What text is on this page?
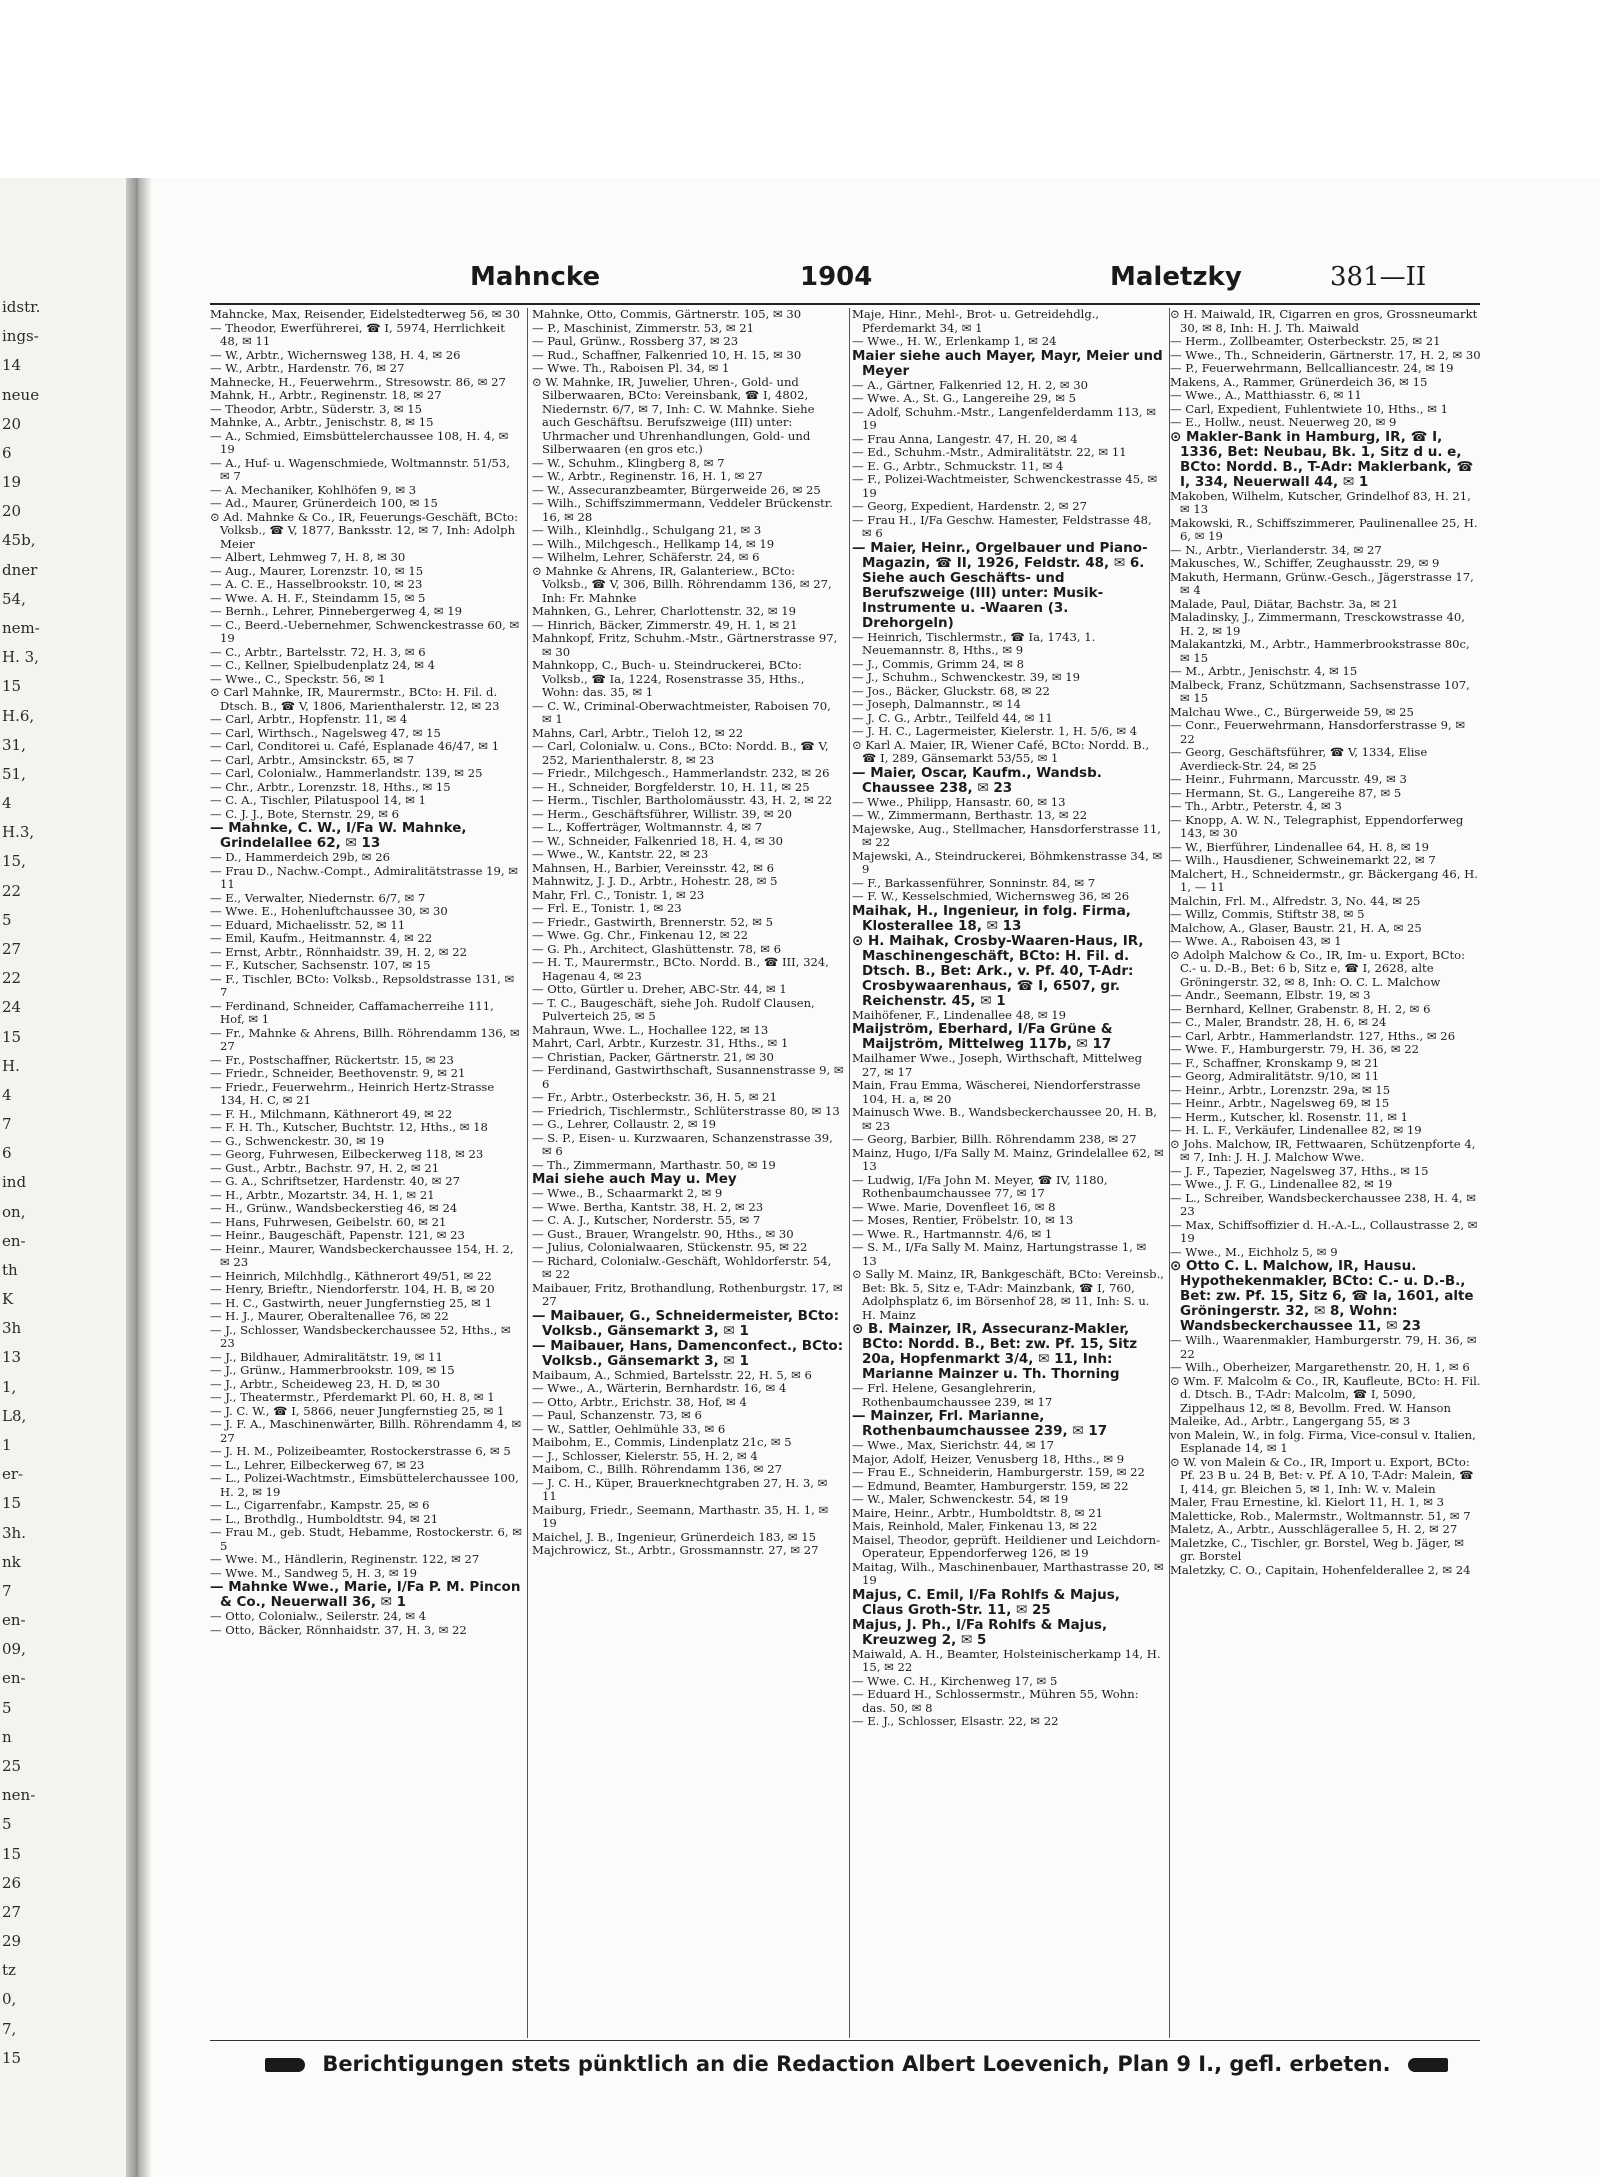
idstr.
ings-
14
neue
20
6
19
20
45b,
dner
54,
nem-
H. 3,
15
H.6,
31,
51,
4
H.3,
15,
22
5
27
22
24
15
H.
4
7
6
ind
on,
en-
th
K
3h
13
1,
L8,
1
er-
15
3h.
nk
7
en-
09,
en-
5
n
25
nen-
5
15
26
27
29
tz
0,
7,
15
Mahncke	1904	Maletzky	381—II

Mahncke, Max, Reisender, Eidelstedterweg 56, ✉ 30

— Theodor, Ewerführerei, ☎ I, 5974, Herrlichkeit 48, ✉ 11

— W., Arbtr., Wichernsweg 138, H. 4, ✉ 26

— W., Arbtr., Hardenstr. 76, ✉ 27

Mahnecke, H., Feuerwehrm., Stresowstr. 86, ✉ 27

Mahnk, H., Arbtr., Reginenstr. 18, ✉ 27

— Theodor, Arbtr., Süderstr. 3, ✉ 15

Mahnke, A., Arbtr., Jenischstr. 8, ✉ 15

— A., Schmied, Eimsbüttelerchaussee 108, H. 4, ✉ 19

— A., Huf- u. Wagenschmiede, Woltmannstr. 51/53, ✉ 7

— A. Mechaniker, Kohlhöfen 9, ✉ 3

— Ad., Maurer, Grünerdeich 100, ✉ 15

⊙ Ad. Mahnke & Co., IR, Feuerungs-Geschäft, BCto: Volksb., ☎ V, 1877, Banksstr. 12, ✉ 7, Inh: Adolph Meier

— Albert, Lehmweg 7, H. 8, ✉ 30

— Aug., Maurer, Lorenzstr. 10, ✉ 15

— A. C. E., Hasselbrookstr. 10, ✉ 23

— Wwe. A. H. F., Steindamm 15, ✉ 5

— Bernh., Lehrer, Pinnebergerweg 4, ✉ 19

— C., Beerd.-Uebernehmer, Schwenckestrasse 60, ✉ 19

— C., Arbtr., Bartelsstr. 72, H. 3, ✉ 6

— C., Kellner, Spielbudenplatz 24, ✉ 4

— Wwe., C., Speckstr. 56, ✉ 1

⊙ Carl Mahnke, IR, Maurermstr., BCto: H. Fil. d. Dtsch. B., ☎ V, 1806, Marienthalerstr. 12, ✉ 23

— Carl, Arbtr., Hopfenstr. 11, ✉ 4

— Carl, Wirthsch., Nagelsweg 47, ✉ 15

— Carl, Conditorei u. Café, Esplanade 46/47, ✉ 1

— Carl, Arbtr., Amsinckstr. 65, ✉ 7

— Carl, Colonialw., Hammerlandstr. 139, ✉ 25

— Chr., Arbtr., Lorenzstr. 18, Hths., ✉ 15

— C. A., Tischler, Pilatuspool 14, ✉ 1

— C. J. J., Bote, Sternstr. 29, ✉ 6

— Mahnke, C. W., I/Fa W. Mahnke, Grindelallee 62, ✉ 13

— D., Hammerdeich 29b, ✉ 26

— Frau D., Nachw.-Compt., Admiralitätstrasse 19, ✉ 11

— E., Verwalter, Niedernstr. 6/7, ✉ 7

— Wwe. E., Hohenluftchaussee 30, ✉ 30

— Eduard, Michaelisstr. 52, ✉ 11

— Emil, Kaufm., Heitmannstr. 4, ✉ 22

— Ernst, Arbtr., Rönnhaidstr. 39, H. 2, ✉ 22

— F., Kutscher, Sachsenstr. 107, ✉ 15

— F., Tischler, BCto: Volksb., Repsoldstrasse 131, ✉ 7

— Ferdinand, Schneider, Caffamacherreihe 111, Hof, ✉ 1

— Fr., Mahnke & Ahrens, Billh. Röhrendamm 136, ✉ 27

— Fr., Postschaffner, Rückertstr. 15, ✉ 23

— Friedr., Schneider, Beethovenstr. 9, ✉ 21

— Friedr., Feuerwehrm., Heinrich Hertz-Strasse 134, H. C, ✉ 21

— F. H., Milchmann, Käthnerort 49, ✉ 22

— F. H. Th., Kutscher, Buchtstr. 12, Hths., ✉ 18

— G., Schwenckestr. 30, ✉ 19

— Georg, Fuhrwesen, Eilbeckerweg 118, ✉ 23

— Gust., Arbtr., Bachstr. 97, H. 2, ✉ 21

— G. A., Schriftsetzer, Hardenstr. 40, ✉ 27

— H., Arbtr., Mozartstr. 34, H. 1, ✉ 21

— H., Grünw., Wandsbeckerstieg 46, ✉ 24

— Hans, Fuhrwesen, Geibelstr. 60, ✉ 21

— Heinr., Baugeschäft, Papenstr. 121, ✉ 23

— Heinr., Maurer, Wandsbeckerchaussee 154, H. 2, ✉ 23

— Heinrich, Milchhdlg., Käthnerort 49/51, ✉ 22

— Henry, Brieftr., Niendorferstr. 104, H. B, ✉ 20

— H. C., Gastwirth, neuer Jungfernstieg 25, ✉ 1

— H. J., Maurer, Oberaltenallee 76, ✉ 22

— J., Schlosser, Wandsbeckerchaussee 52, Hths., ✉ 23

— J., Bildhauer, Admiralitätstr. 19, ✉ 11

— J., Grünw., Hammerbrookstr. 109, ✉ 15

— J., Arbtr., Scheideweg 23, H. D, ✉ 30

— J., Theatermstr., Pferdemarkt Pl. 60, H. 8, ✉ 1

— J. C. W., ☎ I, 5866, neuer Jungfernstieg 25, ✉ 1

— J. F. A., Maschinenwärter, Billh. Röhrendamm 4, ✉ 27

— J. H. M., Polizeibeamter, Rostockerstrasse 6, ✉ 5

— L., Lehrer, Eilbeckerweg 67, ✉ 23

— L., Polizei-Wachtmstr., Eimsbüttelerchaussee 100, H. 2, ✉ 19

— L., Cigarrenfabr., Kampstr. 25, ✉ 6

— L., Brothdlg., Humboldtstr. 94, ✉ 21

— Frau M., geb. Studt, Hebamme, Rostockerstr. 6, ✉ 5

— Wwe. M., Händlerin, Reginenstr. 122, ✉ 27

— Wwe. M., Sandweg 5, H. 3, ✉ 19

— Mahnke Wwe., Marie, I/Fa P. M. Pincon & Co., Neuerwall 36, ✉ 1

— Otto, Colonialw., Seilerstr. 24, ✉ 4

— Otto, Bäcker, Rönnhaidstr. 37, H. 3, ✉ 22

Mahnke, Otto, Commis, Gärtnerstr. 105, ✉ 30

— P., Maschinist, Zimmerstr. 53, ✉ 21

— Paul, Grünw., Rossberg 37, ✉ 23

— Rud., Schaffner, Falkenried 10, H. 15, ✉ 30

— Wwe. Th., Raboisen Pl. 34, ✉ 1

⊙ W. Mahnke, IR, Juwelier, Uhren-, Gold- und Silberwaaren, BCto: Vereinsbank, ☎ I, 4802, Niedernstr. 6/7, ✉ 7, Inh: C. W. Mahnke. Siehe auch Geschäftsu. Berufszweige (III) unter: Uhrmacher und Uhrenhandlungen, Gold- und Silberwaaren (en gros etc.)

— W., Schuhm., Klingberg 8, ✉ 7

— W., Arbtr., Reginenstr. 16, H. 1, ✉ 27

— W., Assecuranzbeamter, Bürgerweide 26, ✉ 25

— Wilh., Schiffszimmermann, Veddeler Brückenstr. 16, ✉ 28

— Wilh., Kleinhdlg., Schulgang 21, ✉ 3

— Wilh., Milchgesch., Hellkamp 14, ✉ 19

— Wilhelm, Lehrer, Schäferstr. 24, ✉ 6

⊙ Mahnke & Ahrens, IR, Galanteriew., BCto: Volksb., ☎ V, 306, Billh. Röhrendamm 136, ✉ 27, Inh: Fr. Mahnke

Mahnken, G., Lehrer, Charlottenstr. 32, ✉ 19

— Hinrich, Bäcker, Zimmerstr. 49, H. 1, ✉ 21

Mahnkopf, Fritz, Schuhm.-Mstr., Gärtnerstrasse 97, ✉ 30

Mahnkopp, C., Buch- u. Steindruckerei, BCto: Volksb., ☎ Ia, 1224, Rosenstrasse 35, Hths., Wohn: das. 35, ✉ 1

— C. W., Criminal-Oberwachtmeister, Raboisen 70, ✉ 1

Mahns, Carl, Arbtr., Tieloh 12, ✉ 22

— Carl, Colonialw. u. Cons., BCto: Nordd. B., ☎ V, 252, Marienthalerstr. 8, ✉ 23

— Friedr., Milchgesch., Hammerlandstr. 232, ✉ 26

— H., Schneider, Borgfelderstr. 10, H. 11, ✉ 25

— Herm., Tischler, Bartholomäusstr. 43, H. 2, ✉ 22

— Herm., Geschäftsführer, Willistr. 39, ✉ 20

— L., Kofferträger, Woltmannstr. 4, ✉ 7

— W., Schneider, Falkenried 18, H. 4, ✉ 30

— Wwe., W., Kantstr. 22, ✉ 23

Mahnsen, H., Barbier, Vereinsstr. 42, ✉ 6

Mahnwitz, J. J. D., Arbtr., Hohestr. 28, ✉ 5

Mahr, Frl. C., Tonistr. 1, ✉ 23

— Frl. E., Tonistr. 1, ✉ 23

— Friedr., Gastwirth, Brennerstr. 52, ✉ 5

— Wwe. Gg. Chr., Finkenau 12, ✉ 22

— G. Ph., Architect, Glashüttenstr. 78, ✉ 6

— H. T., Maurermstr., BCto. Nordd. B., ☎ III, 324, Hagenau 4, ✉ 23

— Otto, Gürtler u. Dreher, ABC-Str. 44, ✉ 1

— T. C., Baugeschäft, siehe Joh. Rudolf Clausen, Pulverteich 25, ✉ 5

Mahraun, Wwe. L., Hochallee 122, ✉ 13

Mahrt, Carl, Arbtr., Kurzestr. 31, Hths., ✉ 1

— Christian, Packer, Gärtnerstr. 21, ✉ 30

— Ferdinand, Gastwirthschaft, Susannenstrasse 9, ✉ 6

— Fr., Arbtr., Osterbeckstr. 36, H. 5, ✉ 21

— Friedrich, Tischlermstr., Schlüterstrasse 80, ✉ 13

— G., Lehrer, Collaustr. 2, ✉ 19

— S. P., Eisen- u. Kurzwaaren, Schanzenstrasse 39, ✉ 6

— Th., Zimmermann, Marthastr. 50, ✉ 19

Mai siehe auch May u. Mey

— Wwe., B., Schaarmarkt 2, ✉ 9

— Wwe. Bertha, Kantstr. 38, H. 2, ✉ 23

— C. A. J., Kutscher, Norderstr. 55, ✉ 7

— Gust., Brauer, Wrangelstr. 90, Hths., ✉ 30

— Julius, Colonialwaaren, Stückenstr. 95, ✉ 22

— Richard, Colonialw.-Geschäft, Wohldorferstr. 54, ✉ 22

Maibauer, Fritz, Brothandlung, Rothenburgstr. 17, ✉ 27

— Maibauer, G., Schneidermeister, BCto: Volksb., Gänsemarkt 3, ✉ 1

— Maibauer, Hans, Damenconfect., BCto: Volksb., Gänsemarkt 3, ✉ 1

Maibaum, A., Schmied, Bartelsstr. 22, H. 5, ✉ 6

— Wwe., A., Wärterin, Bernhardstr. 16, ✉ 4

— Otto, Arbtr., Erichstr. 38, Hof, ✉ 4

— Paul, Schanzenstr. 73, ✉ 6

— W., Sattler, Oehlmühle 33, ✉ 6

Maibohm, E., Commis, Lindenplatz 21c, ✉ 5

— J., Schlosser, Kielerstr. 55, H. 2, ✉ 4

Maibom, C., Billh. Röhrendamm 136, ✉ 27

— J. C. H., Küper, Brauerknechtgraben 27, H. 3, ✉ 11

Maiburg, Friedr., Seemann, Marthastr. 35, H. 1, ✉ 19

Maichel, J. B., Ingenieur, Grünerdeich 183, ✉ 15

Majchrowicz, St., Arbtr., Grossmannstr. 27, ✉ 27

Maje, Hinr., Mehl-, Brot- u. Getreidehdlg., Pferdemarkt 34, ✉ 1

— Wwe., H. W., Erlenkamp 1, ✉ 24

Maier siehe auch Mayer, Mayr, Meier und Meyer

— A., Gärtner, Falkenried 12, H. 2, ✉ 30

— Wwe. A., St. G., Langereihe 29, ✉ 5

— Adolf, Schuhm.-Mstr., Langenfelderdamm 113, ✉ 19

— Frau Anna, Langestr. 47, H. 20, ✉ 4

— Ed., Schuhm.-Mstr., Admiralitätstr. 22, ✉ 11

— E. G., Arbtr., Schmuckstr. 11, ✉ 4

— F., Polizei-Wachtmeister, Schwenckestrasse 45, ✉ 19

— Georg, Expedient, Hardenstr. 2, ✉ 27

— Frau H., I/Fa Geschw. Hamester, Feldstrasse 48, ✉ 6

— Maier, Heinr., Orgelbauer und Piano-Magazin, ☎ II, 1926, Feldstr. 48, ✉ 6. Siehe auch Geschäfts- und Berufszweige (III) unter: Musik-Instrumente u. -Waaren (3. Drehorgeln)

— Heinrich, Tischlermstr., ☎ Ia, 1743, 1. Neuemannstr. 8, Hths., ✉ 9

— J., Commis, Grimm 24, ✉ 8

— J., Schuhm., Schwenckestr. 39, ✉ 19

— Jos., Bäcker, Gluckstr. 68, ✉ 22

— Joseph, Dalmannstr., ✉ 14

— J. C. G., Arbtr., Teilfeld 44, ✉ 11

— J. H. C., Lagermeister, Kielerstr. 1, H. 5/6, ✉ 4

⊙ Karl A. Maier, IR, Wiener Café, BCto: Nordd. B., ☎ I, 289, Gänsemarkt 53/55, ✉ 1

— Maier, Oscar, Kaufm., Wandsb. Chaussee 238, ✉ 23

— Wwe., Philipp, Hansastr. 60, ✉ 13

— W., Zimmermann, Berthastr. 13, ✉ 22

Majewske, Aug., Stellmacher, Hansdorferstrasse 11, ✉ 22

Majewski, A., Steindruckerei, Böhmkenstrasse 34, ✉ 9

— F., Barkassenführer, Sonninstr. 84, ✉ 7

— F. W., Kesselschmied, Wichernsweg 36, ✉ 26

Maihak, H., Ingenieur, in folg. Firma, Klosterallee 18, ✉ 13

⊙ H. Maihak, Crosby-Waaren-Haus, IR, Maschinengeschäft, BCto: H. Fil. d. Dtsch. B., Bet: Ark., v. Pf. 40, T-Adr: Crosbywaarenhaus, ☎ I, 6507, gr. Reichenstr. 45, ✉ 1

Maihöfener, F., Lindenallee 48, ✉ 19

Maijström, Eberhard, I/Fa Grüne & Maijström, Mittelweg 117b, ✉ 17

Mailhamer Wwe., Joseph, Wirthschaft, Mittelweg 27, ✉ 17

Main, Frau Emma, Wäscherei, Niendorferstrasse 104, H. a, ✉ 20

Mainusch Wwe. B., Wandsbeckerchaussee 20, H. B, ✉ 23

— Georg, Barbier, Billh. Röhrendamm 238, ✉ 27

Mainz, Hugo, I/Fa Sally M. Mainz, Grindelallee 62, ✉ 13

— Ludwig, I/Fa John M. Meyer, ☎ IV, 1180, Rothenbaumchaussee 77, ✉ 17

— Wwe. Marie, Dovenfleet 16, ✉ 8

— Moses, Rentier, Fröbelstr. 10, ✉ 13

— Wwe. R., Hartmannstr. 4/6, ✉ 1

— S. M., I/Fa Sally M. Mainz, Hartungstrasse 1, ✉ 13

⊙ Sally M. Mainz, IR, Bankgeschäft, BCto: Vereinsb., Bet: Bk. 5, Sitz e, T-Adr: Mainzbank, ☎ I, 760, Adolphsplatz 6, im Börsenhof 28, ✉ 11, Inh: S. u. H. Mainz

⊙ B. Mainzer, IR, Assecuranz-Makler, BCto: Nordd. B., Bet: zw. Pf. 15, Sitz 20a, Hopfenmarkt 3/4, ✉ 11, Inh: Marianne Mainzer u. Th. Thorning

— Frl. Helene, Gesanglehrerin, Rothenbaumchaussee 239, ✉ 17

— Mainzer, Frl. Marianne, Rothenbaumchaussee 239, ✉ 17

— Wwe., Max, Sierichstr. 44, ✉ 17

Major, Adolf, Heizer, Venusberg 18, Hths., ✉ 9

— Frau E., Schneiderin, Hamburgerstr. 159, ✉ 22

— Edmund, Beamter, Hamburgerstr. 159, ✉ 22

— W., Maler, Schwenckestr. 54, ✉ 19

Maire, Heinr., Arbtr., Humboldtstr. 8, ✉ 21

Mais, Reinhold, Maler, Finkenau 13, ✉ 22

Maisel, Theodor, geprüft. Heildiener und Leichdorn-Operateur, Eppendorferweg 126, ✉ 19

Maitag, Wilh., Maschinenbauer, Marthastrasse 20, ✉ 19

Majus, C. Emil, I/Fa Rohlfs & Majus, Claus Groth-Str. 11, ✉ 25

Majus, J. Ph., I/Fa Rohlfs & Majus, Kreuzweg 2, ✉ 5

Maiwald, A. H., Beamter, Holsteinischerkamp 14, H. 15, ✉ 22

— Wwe. C. H., Kirchenweg 17, ✉ 5

— Eduard H., Schlossermstr., Mühren 55, Wohn: das. 50, ✉ 8

— E. J., Schlosser, Elsastr. 22, ✉ 22

⊙ H. Maiwald, IR, Cigarren en gros, Grossneumarkt 30, ✉ 8, Inh: H. J. Th. Maiwald

— Herm., Zollbeamter, Osterbeckstr. 25, ✉ 21

— Wwe., Th., Schneiderin, Gärtnerstr. 17, H. 2, ✉ 30

— P., Feuerwehrmann, Bellcalliancestr. 24, ✉ 19

Makens, A., Rammer, Grünerdeich 36, ✉ 15

— Wwe., A., Matthiasstr. 6, ✉ 11

— Carl, Expedient, Fuhlentwiete 10, Hths., ✉ 1

— E., Hollw., neust. Neuerweg 20, ✉ 9

⊙ Makler-Bank in Hamburg, IR, ☎ I, 1336, Bet: Neubau, Bk. 1, Sitz d u. e, BCto: Nordd. B., T-Adr: Maklerbank, ☎ I, 334, Neuerwall 44, ✉ 1

Makoben, Wilhelm, Kutscher, Grindelhof 83, H. 21, ✉ 13

Makowski, R., Schiffszimmerer, Paulinenallee 25, H. 6, ✉ 19

— N., Arbtr., Vierlanderstr. 34, ✉ 27

Makusches, W., Schiffer, Zeughausstr. 29, ✉ 9

Makuth, Hermann, Grünw.-Gesch., Jägerstrasse 17, ✉ 4

Malade, Paul, Diätar, Bachstr. 3a, ✉ 21

Maladinsky, J., Zimmermann, Tresckowstrasse 40, H. 2, ✉ 19

Malakantzki, M., Arbtr., Hammerbrookstrasse 80c, ✉ 15

— M., Arbtr., Jenischstr. 4, ✉ 15

Malbeck, Franz, Schützmann, Sachsenstrasse 107, ✉ 15

Malchau Wwe., C., Bürgerweide 59, ✉ 25

— Conr., Feuerwehrmann, Hansdorferstrasse 9, ✉ 22

— Georg, Geschäftsführer, ☎ V, 1334, Elise Averdieck-Str. 24, ✉ 25

— Heinr., Fuhrmann, Marcusstr. 49, ✉ 3

— Hermann, St. G., Langereihe 87, ✉ 5

— Th., Arbtr., Peterstr. 4, ✉ 3

— Knopp, A. W. N., Telegraphist, Eppendorferweg 143, ✉ 30

— W., Bierführer, Lindenallee 64, H. 8, ✉ 19

— Wilh., Hausdiener, Schweinemarkt 22, ✉ 7

Malchert, H., Schneidermstr., gr. Bäckergang 46, H. 1, — 11

Malchin, Frl. M., Alfredstr. 3, No. 44, ✉ 25

— Willz, Commis, Stiftstr 38, ✉ 5

Malchow, A., Glaser, Baustr. 21, H. A, ✉ 25

— Wwe. A., Raboisen 43, ✉ 1

⊙ Adolph Malchow & Co., IR, Im- u. Export, BCto: C.- u. D.-B., Bet: 6 b, Sitz e, ☎ I, 2628, alte Gröningerstr. 32, ✉ 8, Inh: O. C. L. Malchow

— Andr., Seemann, Elbstr. 19, ✉ 3

— Bernhard, Kellner, Grabenstr. 8, H. 2, ✉ 6

— C., Maler, Brandstr. 28, H. 6, ✉ 24

— Carl, Arbtr., Hammerlandstr. 127, Hths., ✉ 26

— Wwe. F., Hamburgerstr. 79, H. 36, ✉ 22

— F., Schaffner, Kronskamp 9, ✉ 21

— Georg, Admiralitätstr. 9/10, ✉ 11

— Heinr., Arbtr., Lorenzstr. 29a, ✉ 15

— Heinr., Arbtr., Nagelsweg 69, ✉ 15

— Herm., Kutscher, kl. Rosenstr. 11, ✉ 1

— H. L. F., Verkäufer, Lindenallee 82, ✉ 19

⊙ Johs. Malchow, IR, Fettwaaren, Schützenpforte 4, ✉ 7, Inh: J. H. J. Malchow Wwe.

— J. F., Tapezier, Nagelsweg 37, Hths., ✉ 15

— Wwe., J. F. G., Lindenallee 82, ✉ 19

— L., Schreiber, Wandsbeckerchaussee 238, H. 4, ✉ 23

— Max, Schiffsoffizier d. H.-A.-L., Collaustrasse 2, ✉ 19

— Wwe., M., Eichholz 5, ✉ 9

⊙ Otto C. L. Malchow, IR, Hausu. Hypothekenmakler, BCto: C.- u. D.-B., Bet: zw. Pf. 15, Sitz 6, ☎ Ia, 1601, alte Gröningerstr. 32, ✉ 8, Wohn: Wandsbeckerchaussee 11, ✉ 23

— Wilh., Waarenmakler, Hamburgerstr. 79, H. 36, ✉ 22

— Wilh., Oberheizer, Margarethenstr. 20, H. 1, ✉ 6

⊙ Wm. F. Malcolm & Co., IR, Kaufleute, BCto: H. Fil. d. Dtsch. B., T-Adr: Malcolm, ☎ I, 5090, Zippelhaus 12, ✉ 8, Bevollm. Fred. W. Hanson

Maleike, Ad., Arbtr., Langergang 55, ✉ 3

von Malein, W., in folg. Firma, Vice-consul v. Italien, Esplanade 14, ✉ 1

⊙ W. von Malein & Co., IR, Import u. Export, BCto: Pf. 23 B u. 24 B, Bet: v. Pf. A 10, T-Adr: Malein, ☎ I, 414, gr. Bleichen 5, ✉ 1, Inh: W. v. Malein

Maler, Frau Ernestine, kl. Kielort 11, H. 1, ✉ 3

Maletticke, Rob., Malermstr., Woltmannstr. 51, ✉ 7

Maletz, A., Arbtr., Ausschlägerallee 5, H. 2, ✉ 27

Maletzke, C., Tischler, gr. Borstel, Weg b. Jäger, ✉ gr. Borstel

Maletzky, C. O., Capitain, Hohenfelderallee 2, ✉ 24

Berichtigungen stets pünktlich an die Redaction Albert Loevenich, Plan 9 I., gefl. erbeten.
